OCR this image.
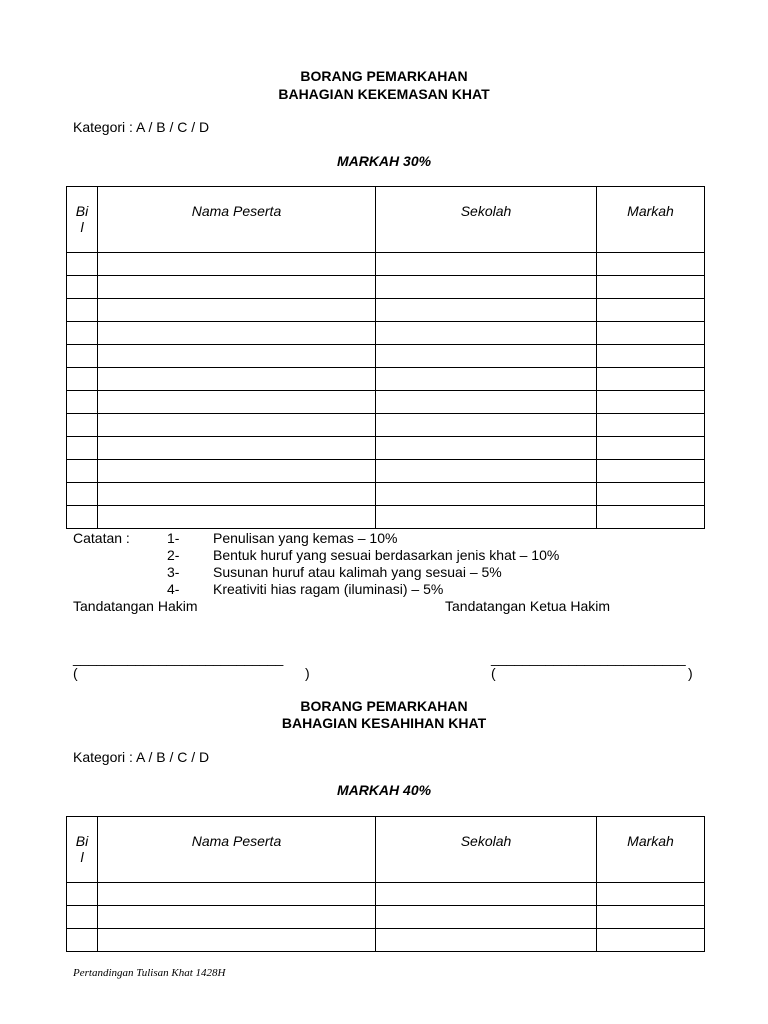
BORANG PEMARKAHAN
BAHAGIAN KEKEMASAN KHAT
Kategori : A / B / C / D
MARKAH 30%
Bi
l	Nama Peserta	Sekolah	Markah

Catatan :	1- Penulisan yang kemas – 10%
2- Bentuk huruf yang sesuai berdasarkan jenis khat – 10%
3- Susunan huruf atau kalimah yang sesuai – 5%
4- Kreativiti hias ragam (iluminasi) – 5%
Tandatangan Hakim	Tandatangan Ketua Hakim
___________________________	_________________________
(	)	(	)
BORANG PEMARKAHAN
BAHAGIAN KESAHIHAN KHAT
Kategori : A / B / C / D
MARKAH 40%
Bi
l	Nama Peserta	Sekolah	Markah

Pertandingan Tulisan Khat 1428H
